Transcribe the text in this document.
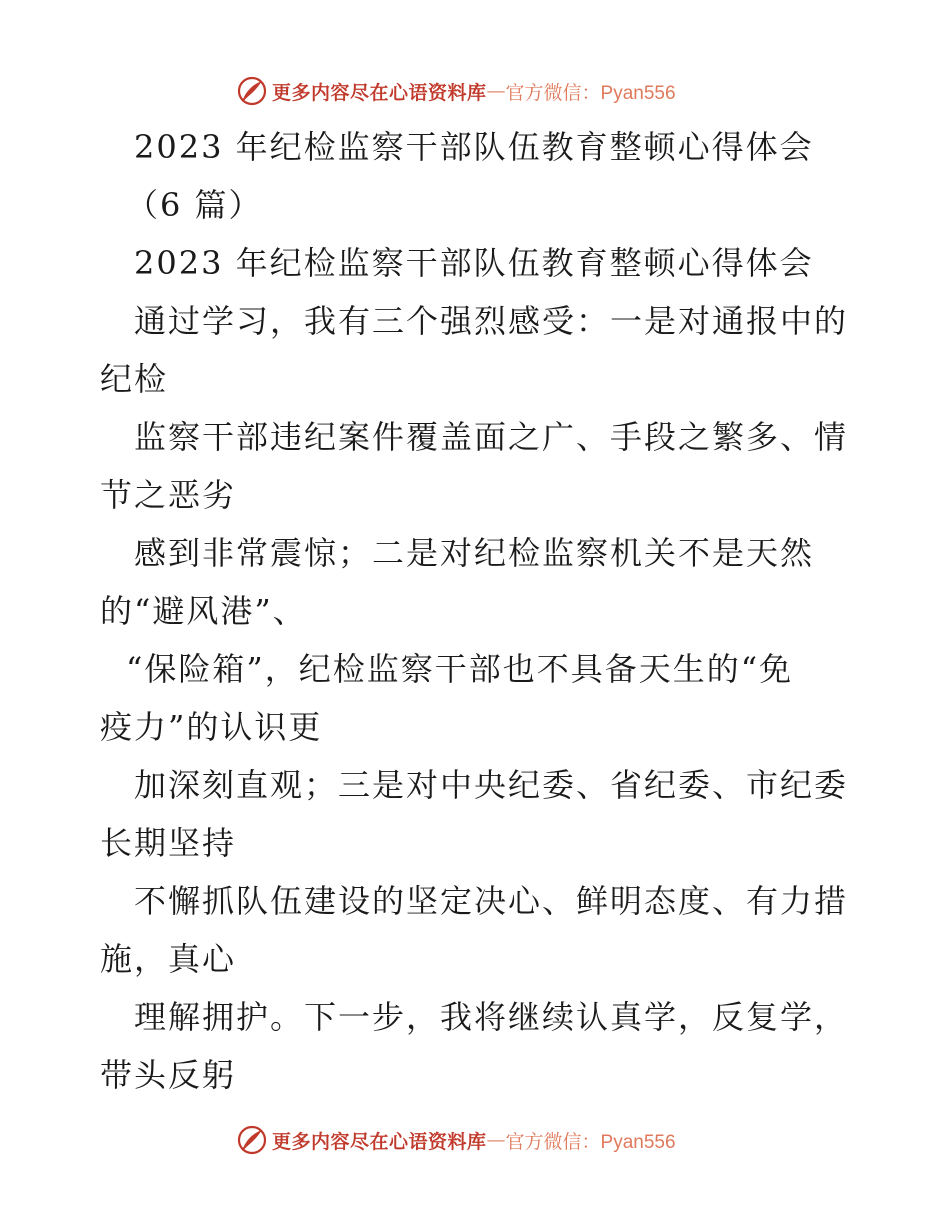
更多内容尽在心语资料库 — 官方微信：Pyan556
2023 年纪检监察干部队伍教育整顿心得体会
（6 篇）
2023 年纪检监察干部队伍教育整顿心得体会
通过学习，我有三个强烈感受：一是对通报中的
纪检
监察干部违纪案件覆盖面之广、手段之繁多、情
节之恶劣
感到非常震惊；二是对纪检监察机关不是天然
的“避风港”、
“保险箱”，纪检监察干部也不具备天生的“免
疫力”的认识更
加深刻直观；三是对中央纪委、省纪委、市纪委
长期坚持
不懈抓队伍建设的坚定决心、鲜明态度、有力措
施，真心
理解拥护。下一步，我将继续认真学，反复学，
带头反躬
更多内容尽在心语资料库 — 官方微信：Pyan556
